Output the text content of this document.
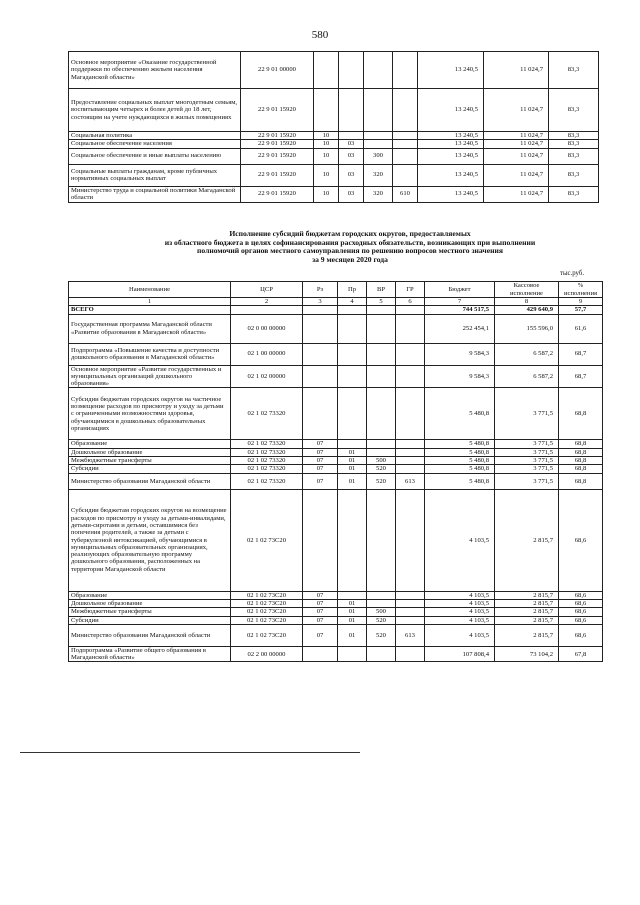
580
Основное мероприятие «Оказание государственной поддержки по обеспечению жильем населения Магаданской области»	22 9 01 00000					13 240,5	11 024,7	83,3
Предоставление социальных выплат многодетным семьям, воспитывающим четырех и более детей до 18 лет, состоящим на учете нуждающихся в жилых помещениях	22 9 01 15920					13 240,5	11 024,7	83,3
Социальная политика	22 9 01 15920	10				13 240,5	11 024,7	83,3
Социальное обеспечение населения	22 9 01 15920	10	03			13 240,5	11 024,7	83,3
Социальное обеспечение и иные выплаты населению	22 9 01 15920	10	03	300		13 240,5	11 024,7	83,3
Социальные выплаты гражданам, кроме публичных нормативных социальных выплат	22 9 01 15920	10	03	320		13 240,5	11 024,7	83,3
Министерство труда и социальной политики Магаданской области	22 9 01 15920	10	03	320	610	13 240,5	11 024,7	83,3
Исполнение субсидий бюджетам городских округов, предоставляемых
из областного бюджета в целях софинансирования расходных обязательств, возникающих при выполнении
полномочий органов местного самоуправления по решению вопросов местного значения
за 9 месяцев 2020 года
тыс.руб.
Наименование	ЦСР	Рз	Пр	ВР	ГР	Бюджет	Кассовое исполнение	% исполнения
1	2	3	4	5	6	7	8	9
ВСЕГО						744 517,5	429 640,9	57,7
Государственная программа Магаданской области «Развитие образования в Магаданской области»	02 0 00 00000					252 454,1	155 596,0	61,6
Подпрограмма «Повышение качества и доступности дошкольного образования в Магаданской области»	02 1 00 00000					9 584,3	6 587,2	68,7
Основное мероприятие «Развитие государственных и муниципальных организаций дошкольного образования»	02 1 02 00000					9 584,3	6 587,2	68,7
Субсидии бюджетам городских округов на частичное возмещение расходов по присмотру и уходу за детьми с ограниченными возможностями здоровья, обучающимися в дошкольных образовательных организациях	02 1 02 73320					5 480,8	3 771,5	68,8
Образование	02 1 02 73320	07				5 480,8	3 771,5	68,8
Дошкольное образование	02 1 02 73320	07	01			5 480,8	3 771,5	68,8
Межбюджетные трансферты	02 1 02 73320	07	01	500		5 480,8	3 771,5	68,8
Субсидии	02 1 02 73320	07	01	520		5 480,8	3 771,5	68,8
Министерство образования Магаданской области	02 1 02 73320	07	01	520	613	5 480,8	3 771,5	68,8
Субсидии бюджетам городских округов на возмещение расходов по присмотру и уходу за детьми-инвалидами, детьми-сиротами и детьми, оставшимися без попечения родителей, а также за детьми с туберкулезной интоксикацией, обучающимися в муниципальных образовательных организациях, реализующих образовательную программу дошкольного образования, расположенных на территории Магаданской области	02 1 02 73С20					4 103,5	2 815,7	68,6
Образование	02 1 02 73С20	07				4 103,5	2 815,7	68,6
Дошкольное образование	02 1 02 73С20	07	01			4 103,5	2 815,7	68,6
Межбюджетные трансферты	02 1 02 73С20	07	01	500		4 103,5	2 815,7	68,6
Субсидии	02 1 02 73С20	07	01	520		4 103,5	2 815,7	68,6
Министерство образования Магаданской области	02 1 02 73С20	07	01	520	613	4 103,5	2 815,7	68,6
Подпрограмма «Развитие общего образования в Магаданской области»	02 2 00 00000					107 808,4	73 104,2	67,8
